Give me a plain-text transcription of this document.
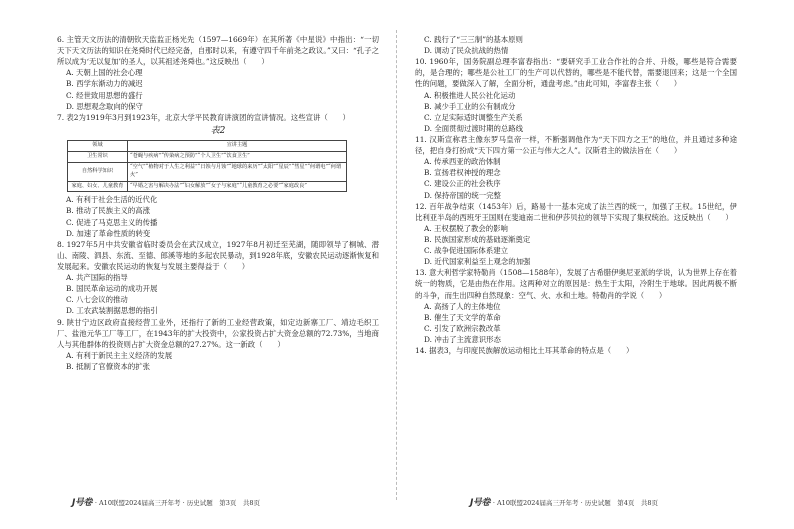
6. 主管天文历法的清朝钦天监监正杨光先（1597—1669年）在其所著《中星说》中指出：“一切天下天文历法的知识在尧舜时代已经完备，自那时以来，有遵守四千年前尧之政议。”又曰：“孔子之所以成为‘无以复加’的圣人，以其祖述尧舜也。”这反映出（　　）

A. 天朝上国的社会心理
B. 西学东渐动力的减迟
C. 经世致用思想的盛行
D. 思想观念取向的保守

7. 表2为1919年3月到1923年，北京大学平民教育讲演团的宣讲情况。这些宣讲（　　）

表2
领域	宣讲主题
卫生常识	“苍蝇与疾病”“传染病之预防”“个人卫生”“饮食卫生”
自然科学知识	“空气”“植物对于人生之利益”“日蚀与月蚀”“地球的来历”“太阳”“星辰”“彗星”“何谓电”“何谓火”
家庭、妇女、儿童教育	“早婚之害与解决办法”“妇女解放”“女子与家庭”“儿童教育之必要”“家庭改良”
A. 有利于社会生活的近代化
B. 推动了民族主义的高涨
C. 促进了马克思主义的传播
D. 加速了革命性质的转变

8. 1927年5月中共安徽省临时委员会在武汉成立，1927年8月初迁至芜湖，随即领导了桐城、潜山、南陵、泗县、东流、至德、郎溪等地的多起农民暴动，到1928年底，安徽农民运动逐渐恢复和发展起来。安徽农民运动的恢复与发展主要得益于（　　）

A. 共产国际的指导
B. 国民革命运动的成功开展
C. 八七会议的推动
D. 工农武装割据思想的指引

9. 陕甘宁边区政府直接经营工业外，还指行了新的工业经营政策，如定边新寨工厂、靖边毛织工厂、盐池元华工厂等工厂，在1943年的扩大投资中，公家投资占扩大资金总额的72.73%，当地商人与其他群体的投资则占扩大资金总额的27.27%。这一新政（　　）

A. 有利于新民主主义经济的发展
B. 抵制了官僚资本的扩张
C. 践行了“三三制”的基本原则
D. 调动了民众抗战的热情

10. 1960年，国务院副总理李富春指出：“要研究手工业合作社的合并、升级，哪些是符合需要的，是合理的；哪些是公社工厂的生产可以代替的，哪些是不能代替，需要退回来；这是一个全国性的问题，要做深入了解，全面分析，通盘考虑。”由此可知，李富春主张（　　）

A. 积极推进人民公社化运动
B. 减少手工业的公有制成分
C. 立足实际适时调整生产关系
D. 全面贯彻过渡时期的总路线

11. 汉斯宣称君主像东罗马皇帝一样，不断强调他作为“天下四方之王”的地位，并且通过多种途径，把自身打扮成“天下四方第一公正与伟大之人”。汉斯君主的做法旨在（　　）

A. 传承西亚的政治体制
B. 宣扬君权神授的理念
C. 建设公正的社会秩序
D. 保持帝国的统一完整

12. 百年战争结束（1453年）后，路易十一基本完成了法兰西的统一，加强了王权。15世纪，伊比利亚半岛的西班牙王国则在斐迪南二世和伊莎贝拉的领导下实现了集权统治。这反映出（　　）

A. 王权摆脱了教会的影响
B. 民族国家形成的基础逐渐奠定
C. 战争促进国际体系建立
D. 近代国家利益至上观念的加强

13. 意大利哲学家特勒肖（1508—1588年），发展了古希腊伊奥尼亚派的学说，认为世界上存在着统一的物质，它是由热在作用。这两种对立的原因是：热生于太阳，冷附生于地球。因此两极不断的斗争，而生出四种自然现象：空气、火、水和土地。特勒肖的学说（　　）

A. 高扬了人的主体地位
B. 催生了天文学的革命
C. 引发了欧洲宗教改革
D. 冲击了主流意识形态

14. 据表3，与印度民族解放运动相比土耳其革命的特点是（　　）

J号卷 · A10联盟2024届高三开年考 · 历史试题　第3页　共8页	J号卷 · A10联盟2024届高三开年考 · 历史试题　第4页　共8页
